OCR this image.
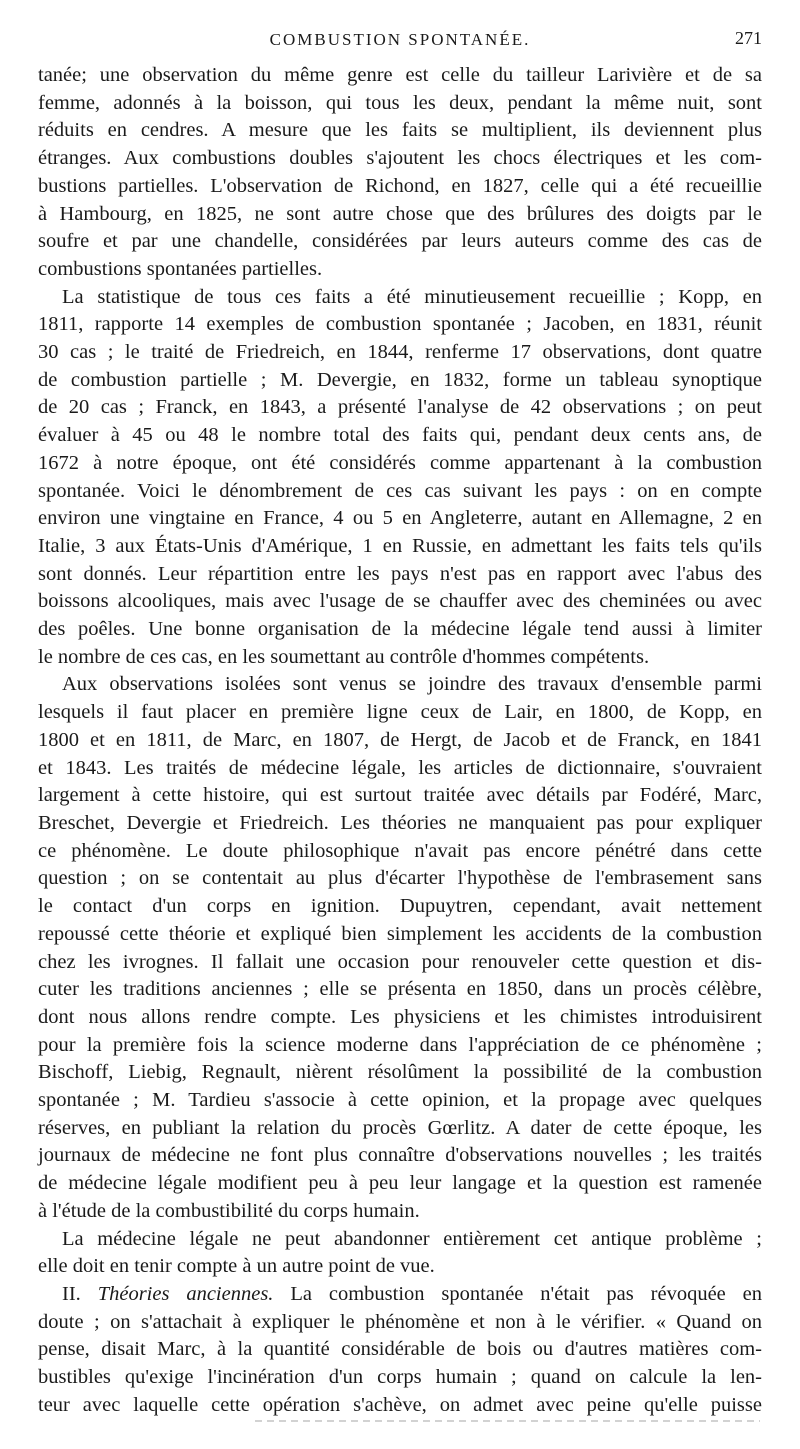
COMBUSTION SPONTANÉE.	271

tanée; une observation du même genre est celle du tailleur Larivière et de sa

femme, adonnés à la boisson, qui tous les deux, pendant la même nuit, sont

réduits en cendres. A mesure que les faits se multiplient, ils deviennent plus

étranges. Aux combustions doubles s'ajoutent les chocs électriques et les com-

bustions partielles. L'observation de Richond, en 1827, celle qui a été recueillie

à Hambourg, en 1825, ne sont autre chose que des brûlures des doigts par le

soufre et par une chandelle, considérées par leurs auteurs comme des cas de

combustions spontanées partielles.

La statistique de tous ces faits a été minutieusement recueillie ; Kopp, en

1811, rapporte 14 exemples de combustion spontanée ; Jacoben, en 1831, réunit

30 cas ; le traité de Friedreich, en 1844, renferme 17 observations, dont quatre

de combustion partielle ; M. Devergie, en 1832, forme un tableau synoptique

de 20 cas ; Franck, en 1843, a présenté l'analyse de 42 observations ; on peut

évaluer à 45 ou 48 le nombre total des faits qui, pendant deux cents ans, de

1672 à notre époque, ont été considérés comme appartenant à la combustion

spontanée. Voici le dénombrement de ces cas suivant les pays : on en compte

environ une vingtaine en France, 4 ou 5 en Angleterre, autant en Allemagne, 2 en

Italie, 3 aux États-Unis d'Amérique, 1 en Russie, en admettant les faits tels qu'ils

sont donnés. Leur répartition entre les pays n'est pas en rapport avec l'abus des

boissons alcooliques, mais avec l'usage de se chauffer avec des cheminées ou avec

des poêles. Une bonne organisation de la médecine légale tend aussi à limiter

le nombre de ces cas, en les soumettant au contrôle d'hommes compétents.

Aux observations isolées sont venus se joindre des travaux d'ensemble parmi

lesquels il faut placer en première ligne ceux de Lair, en 1800, de Kopp, en

1800 et en 1811, de Marc, en 1807, de Hergt, de Jacob et de Franck, en 1841

et 1843. Les traités de médecine légale, les articles de dictionnaire, s'ouvraient

largement à cette histoire, qui est surtout traitée avec détails par Fodéré, Marc,

Breschet, Devergie et Friedreich. Les théories ne manquaient pas pour expliquer

ce phénomène. Le doute philosophique n'avait pas encore pénétré dans cette

question ; on se contentait au plus d'écarter l'hypothèse de l'embrasement sans

le contact d'un corps en ignition. Dupuytren, cependant, avait nettement

repoussé cette théorie et expliqué bien simplement les accidents de la combustion

chez les ivrognes. Il fallait une occasion pour renouveler cette question et dis-

cuter les traditions anciennes ; elle se présenta en 1850, dans un procès célèbre,

dont nous allons rendre compte. Les physiciens et les chimistes introduisirent

pour la première fois la science moderne dans l'appréciation de ce phénomène ;

Bischoff, Liebig, Regnault, nièrent résolûment la possibilité de la combustion

spontanée ; M. Tardieu s'associe à cette opinion, et la propage avec quelques

réserves, en publiant la relation du procès Gœrlitz. A dater de cette époque, les

journaux de médecine ne font plus connaître d'observations nouvelles ; les traités

de médecine légale modifient peu à peu leur langage et la question est ramenée

à l'étude de la combustibilité du corps humain.

La médecine légale ne peut abandonner entièrement cet antique problème ;

elle doit en tenir compte à un autre point de vue.

II. Théories anciennes. La combustion spontanée n'était pas révoquée en

doute ; on s'attachait à expliquer le phénomène et non à le vérifier. « Quand on

pense, disait Marc, à la quantité considérable de bois ou d'autres matières com-

bustibles qu'exige l'incinération d'un corps humain ; quand on calcule la len-

teur avec laquelle cette opération s'achève, on admet avec peine qu'elle puisse
